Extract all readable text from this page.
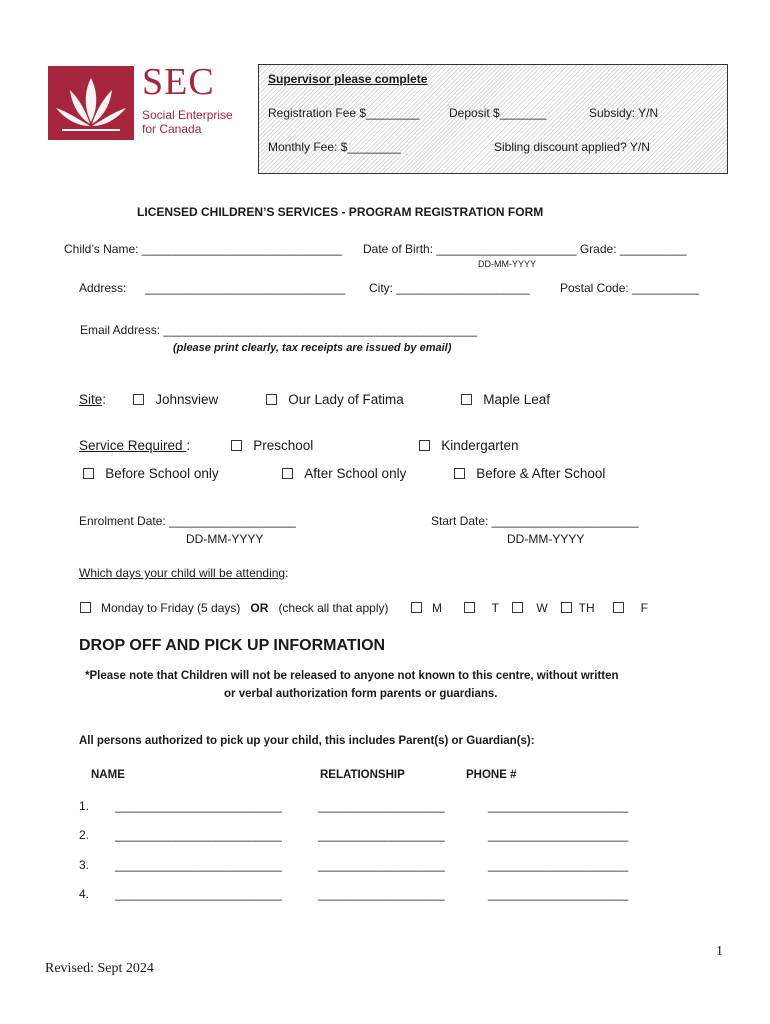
SEC
Social Enterprise
for Canada
Supervisor please complete
Registration Fee $________ Deposit $_______	Subsidy: Y/N
Monthly Fee: $________	Sibling discount applied? Y/N
LICENSED CHILDREN’S SERVICES - PROGRAM REGISTRATION FORM
Child’s Name: ______________________________ Date of Birth: _____________________ Grade: __________
DD-MM-YYYY
Address: ______________________________ City: ____________________	Postal Code: __________
Email Address: _______________________________________________
(please print clearly, tax receipts are issued by email)
Site:	Johnsview	Our Lady of Fatima	Maple Leaf
Service Required :	Preschool	Kindergarten
Before School only	After School only	Before & After School
Enrolment Date: ___________________
DD-MM-YYYY
Start Date: ______________________
DD-MM-YYYY
Which days your child will be attending:
Monday to Friday (5 days) OR (check all that apply)	M	T	W	TH	F
DROP OFF AND PICK UP INFORMATION
*Please note that Children will not be released to anyone not known to this centre, without written
or verbal authorization form parents or guardians.
All persons authorized to pick up your child, this includes Parent(s) or Guardian(s):
NAME	RELATIONSHIP	PHONE #
1. _________________________	___________________	_____________________
2. _________________________	___________________	_____________________
3. _________________________	___________________	_____________________
4. _________________________	___________________	_____________________
1
Revised: Sept 2024
